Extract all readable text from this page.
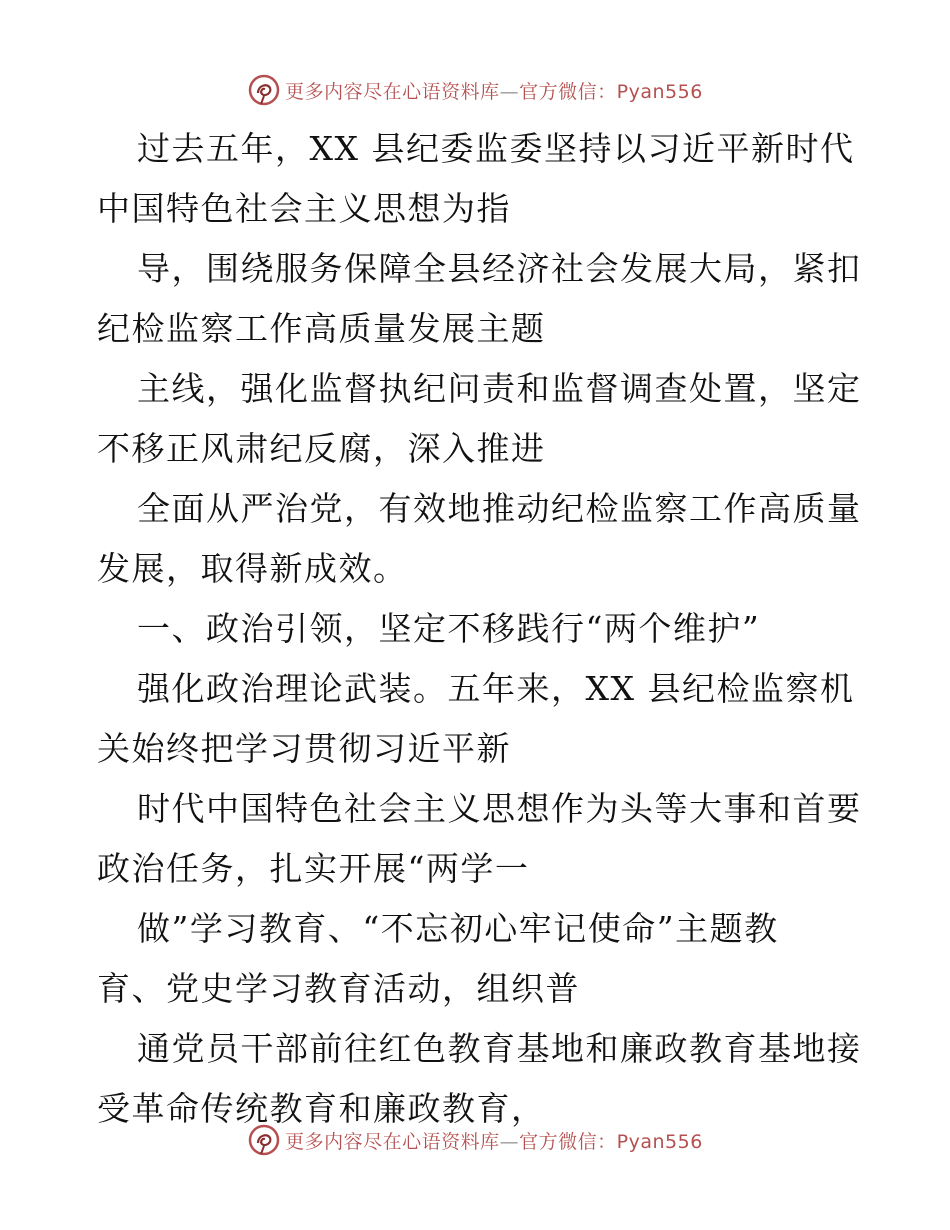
更多内容尽在心语资料库—官方微信：Pyan556
过去五年，XX 县纪委监委坚持以习近平新时代
中国特色社会主义思想为指
导，围绕服务保障全县经济社会发展大局，紧扣
纪检监察工作高质量发展主题
主线，强化监督执纪问责和监督调查处置，坚定
不移正风肃纪反腐，深入推进
全面从严治党，有效地推动纪检监察工作高质量
发展，取得新成效。
一、政治引领，坚定不移践行“两个维护”
强化政治理论武装。五年来，XX 县纪检监察机
关始终把学习贯彻习近平新
时代中国特色社会主义思想作为头等大事和首要
政治任务，扎实开展“两学一
做”学习教育、“不忘初心牢记使命”主题教
育、党史学习教育活动，组织普
通党员干部前往红色教育基地和廉政教育基地接
受革命传统教育和廉政教育，
更多内容尽在心语资料库—官方微信：Pyan556
